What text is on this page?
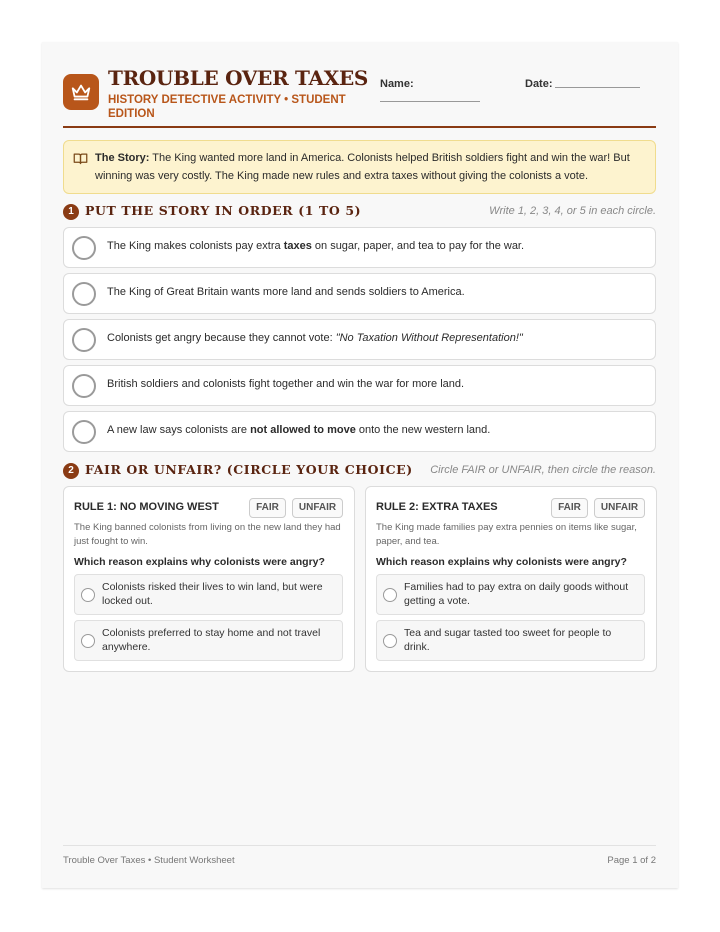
TROUBLE OVER TAXES
HISTORY DETECTIVE ACTIVITY • STUDENT EDITION
Name:	Date:
The Story: The King wanted more land in America. Colonists helped British soldiers fight and win the war! But winning was very costly. The King made new rules and extra taxes without giving the colonists a vote.
1 PUT THE STORY IN ORDER (1 TO 5)	Write 1, 2, 3, 4, or 5 in each circle.
The King makes colonists pay extra taxes on sugar, paper, and tea to pay for the war.
The King of Great Britain wants more land and sends soldiers to America.
Colonists get angry because they cannot vote: "No Taxation Without Representation!"
British soldiers and colonists fight together and win the war for more land.
A new law says colonists are not allowed to move onto the new western land.
2 FAIR OR UNFAIR? (CIRCLE YOUR CHOICE) Circle FAIR or UNFAIR, then circle the reason.
RULE 1: NO MOVING WEST	FAIR	UNFAIR
The King banned colonists from living on the new land they had just fought to win.
Which reason explains why colonists were angry?
Colonists risked their lives to win land, but were locked out.
Colonists preferred to stay home and not travel anywhere.
RULE 2: EXTRA TAXES	FAIR	UNFAIR
The King made families pay extra pennies on items like sugar, paper, and tea.
Which reason explains why colonists were angry?
Families had to pay extra on daily goods without getting a vote.
Tea and sugar tasted too sweet for people to drink.
Trouble Over Taxes • Student Worksheet	Page 1 of 2
